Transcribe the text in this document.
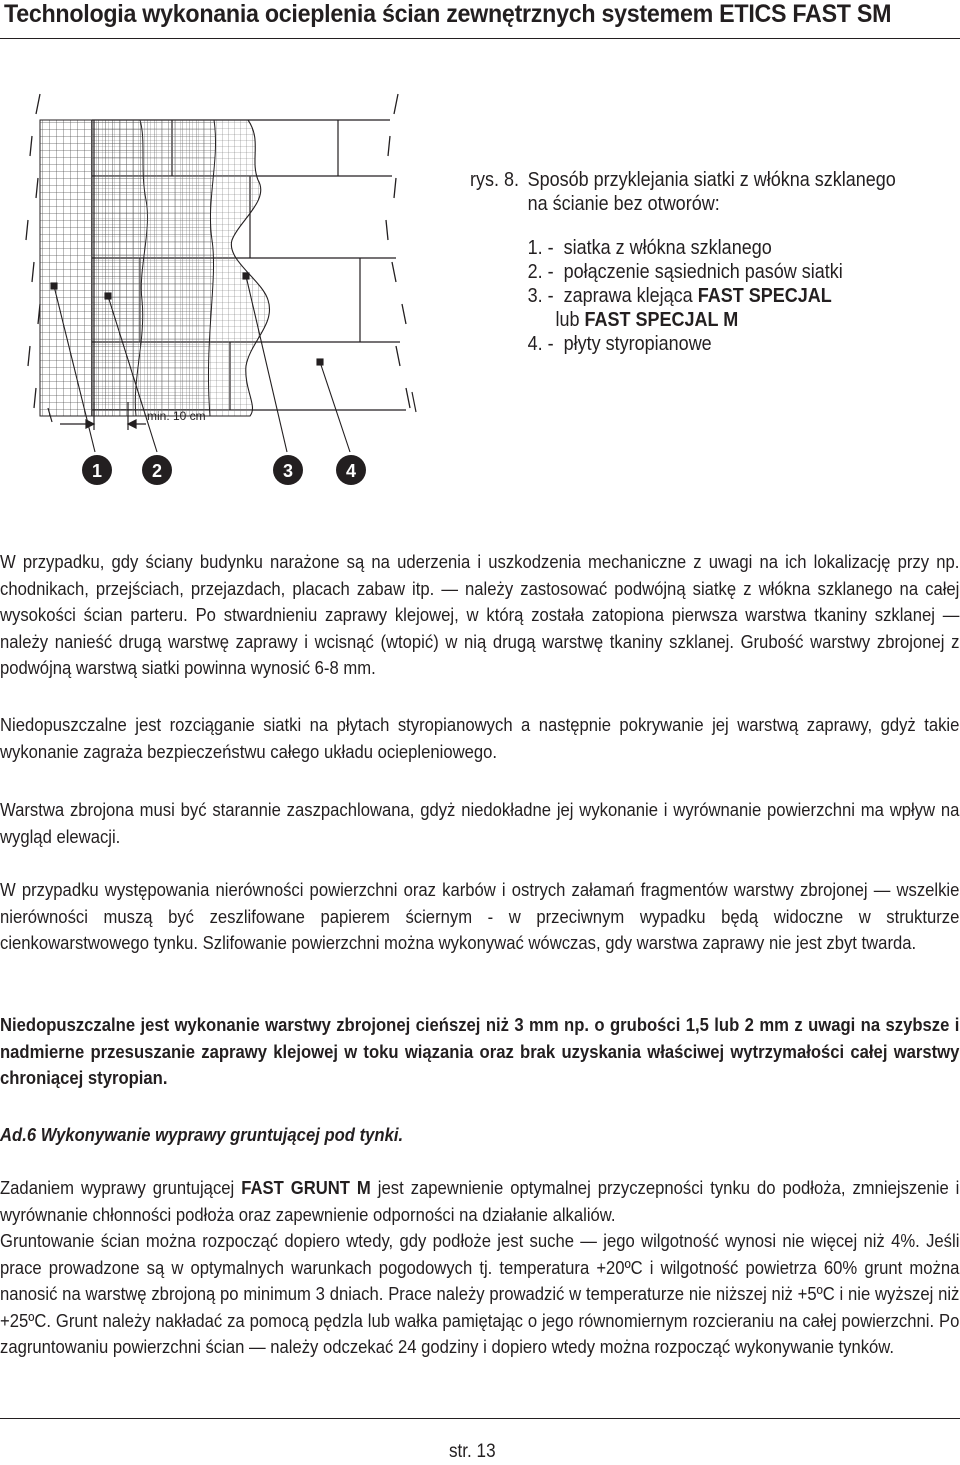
Technologia wykonania ocieplenia ścian zewnętrznych systemem ETICS FAST SM
min. 10 cm
1	2	3	4
rys. 8. Sposób przyklejania siatki z włókna szklanego
na ścianie bez otworów:
1. - siatka z włókna szklanego
2. - połączenie sąsiednich pasów siatki
3. - zaprawa klejąca FAST SPECJAL
lub FAST SPECJAL M
4. - płyty styropianowe
W przypadku, gdy ściany budynku narażone są na uderzenia i uszkodzenia mechaniczne z uwagi na ich lokalizację przy np. chodnikach, przejściach, przejazdach, placach zabaw itp. — należy zastosować podwójną siatkę z włókna szklanego na całej wysokości ścian parteru. Po stwardnieniu zaprawy klejowej, w którą została zatopiona pierwsza warstwa tkaniny szklanej — należy nanieść drugą warstwę zaprawy i wcisnąć (wtopić) w nią drugą warstwę tkaniny szklanej. Grubość warstwy zbrojonej z podwójną warstwą siatki powinna wynosić 6-8 mm.
Niedopuszczalne jest rozciąganie siatki na płytach styropianowych a następnie pokrywanie jej warstwą zaprawy, gdyż takie wykonanie zagraża bezpieczeństwu całego układu ociepleniowego.
Warstwa zbrojona musi być starannie zaszpachlowana, gdyż niedokładne jej wykonanie i wyrównanie powierzchni ma wpływ na wygląd elewacji.
W przypadku występowania nierówności powierzchni oraz karbów i ostrych załamań fragmentów warstwy zbrojonej — wszelkie nierówności muszą być zeszlifowane papierem ściernym - w przeciwnym wypadku będą widoczne w strukturze cienkowarstwowego tynku. Szlifowanie powierzchni można wykonywać wówczas, gdy warstwa zaprawy nie jest zbyt twarda.
Niedopuszczalne jest wykonanie warstwy zbrojonej cieńszej niż 3 mm np. o grubości 1,5 lub 2 mm z uwagi na szybsze i nadmierne przesuszanie zaprawy klejowej w toku wiązania oraz brak uzyskania właściwej wytrzymałości całej warstwy chroniącej styropian.
Ad.6 Wykonywanie wyprawy gruntującej pod tynki.
Zadaniem wyprawy gruntującej FAST GRUNT M jest zapewnienie optymalnej przyczepności tynku do podłoża, zmniejszenie i wyrównanie chłonności podłoża oraz zapewnienie odporności na działanie alkaliów.
Gruntowanie ścian można rozpocząć dopiero wtedy, gdy podłoże jest suche — jego wilgotność wynosi nie więcej niż 4%. Jeśli prace prowadzone są w optymalnych warunkach pogodowych tj. temperatura +20ºC i wilgotność powietrza 60% grunt można nanosić na warstwę zbrojoną po minimum 3 dniach. Prace należy prowadzić w temperaturze nie niższej niż +5ºC i nie wyższej niż +25ºC. Grunt należy nakładać za pomocą pędzla lub wałka pamiętając o jego równomiernym rozcieraniu na całej powierzchni. Po zagruntowaniu powierzchni ścian — należy odczekać 24 godziny i dopiero wtedy można rozpocząć wykonywanie tynków.
str. 13
